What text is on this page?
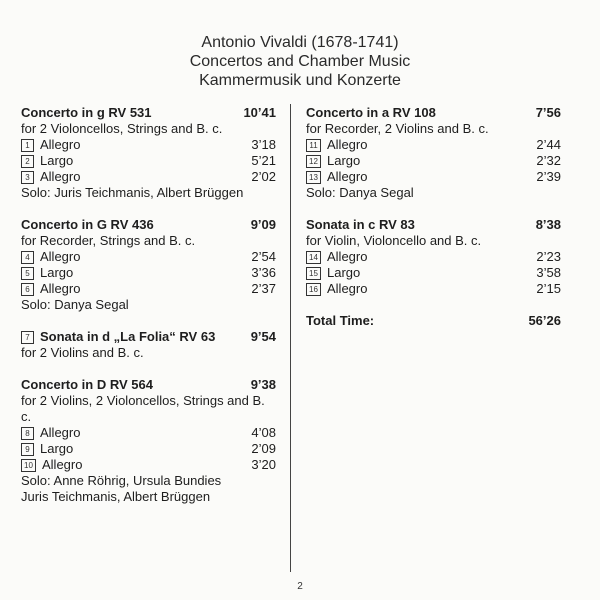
Antonio Vivaldi (1678-1741)
Concertos and Chamber Music
Kammermusik und Konzerte
Concerto in g RV 531	10’41
for 2 Violoncellos, Strings and B. c.
1 Allegro	3’18
2 Largo	5’21
3 Allegro	2’02
Solo: Juris Teichmanis, Albert Brüggen
Concerto in G RV 436	9’09
for Recorder, Strings and B. c.
4 Allegro	2’54
5 Largo	3’36
6 Allegro	2’37
Solo: Danya Segal
7 Sonata in d „La Folia“ RV 63	9’54
for 2 Violins and B. c.
Concerto in D RV 564	9’38
for 2 Violins, 2 Violoncellos, Strings and B. c.
8 Allegro	4’08
9 Largo	2’09
10 Allegro	3’20
Solo: Anne Röhrig, Ursula Bundies
Juris Teichmanis, Albert Brüggen
Concerto in a RV 108	7’56
for Recorder, 2 Violins and B. c.
11 Allegro	2’44
12 Largo	2’32
13 Allegro	2’39
Solo: Danya Segal
Sonata in c RV 83	8’38
for Violin, Violoncello and B. c.
14 Allegro	2’23
15 Largo	3’58
16 Allegro	2’15
Total Time:	56’26
2
